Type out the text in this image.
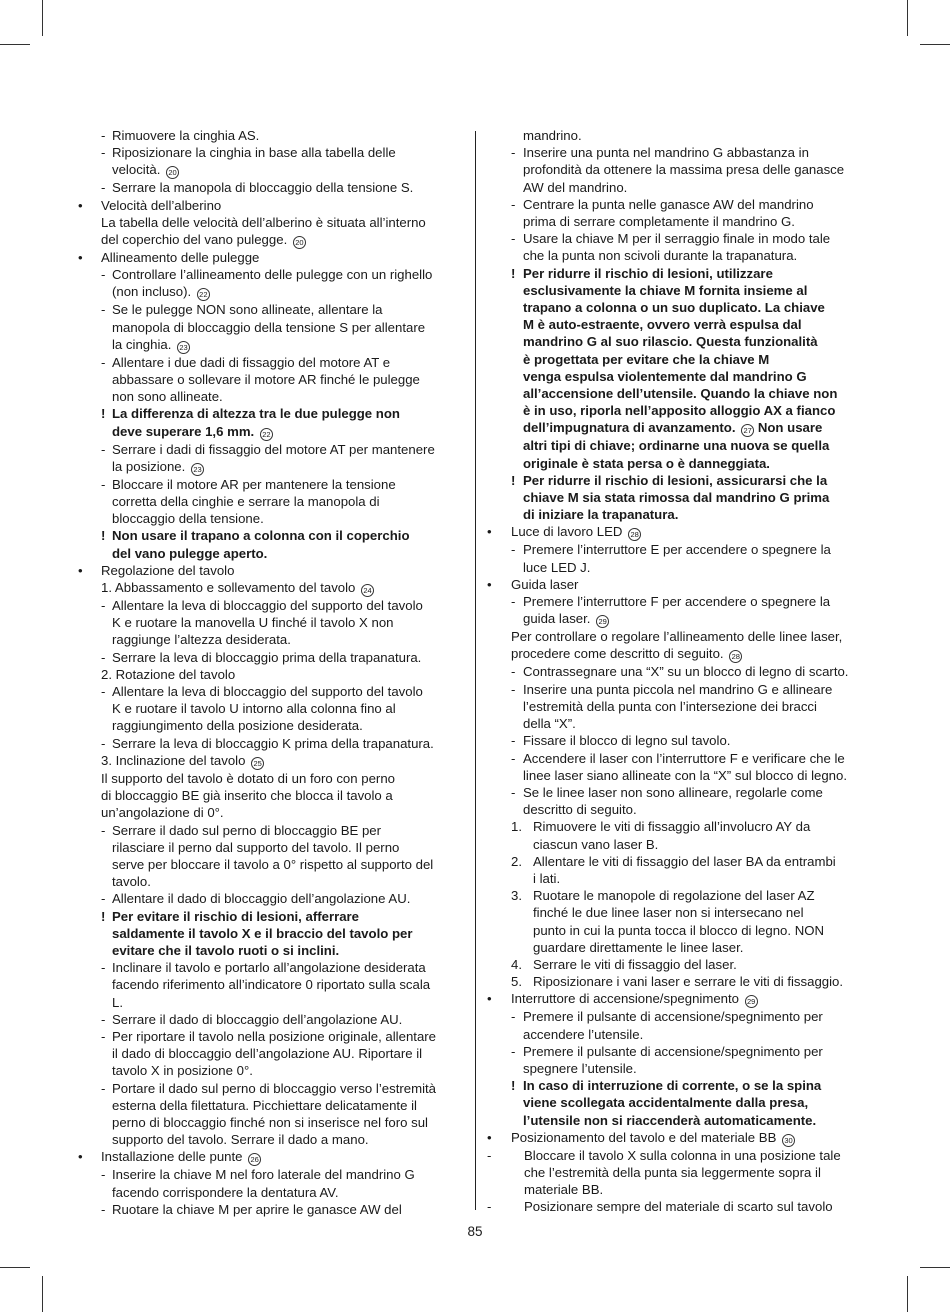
- Rimuovere la cinghia AS.
- Riposizionare la cinghia in base alla tabella delle
velocità. 20
- Serrare la manopola di bloccaggio della tensione S.
• Velocità dell’alberino
La tabella delle velocità dell’alberino è situata all’interno
del coperchio del vano pulegge. 20
• Allineamento delle pulegge
- Controllare l’allineamento delle pulegge con un righello
(non incluso). 22
- Se le pulegge NON sono allineate, allentare la
manopola di bloccaggio della tensione S per allentare
la cinghia. 23
- Allentare i due dadi di fissaggio del motore AT e
abbassare o sollevare il motore AR finché le pulegge
non sono allineate.
! La differenza di altezza tra le due pulegge non
deve superare 1,6 mm. 22
- Serrare i dadi di fissaggio del motore AT per mantenere
la posizione. 23
- Bloccare il motore AR per mantenere la tensione
corretta della cinghie e serrare la manopola di
bloccaggio della tensione.
! Non usare il trapano a colonna con il coperchio
del vano pulegge aperto.
• Regolazione del tavolo
1. Abbassamento e sollevamento del tavolo 24
- Allentare la leva di bloccaggio del supporto del tavolo
K e ruotare la manovella U finché il tavolo X non
raggiunge l’altezza desiderata.
- Serrare la leva di bloccaggio prima della trapanatura.
2. Rotazione del tavolo
- Allentare la leva di bloccaggio del supporto del tavolo
K e ruotare il tavolo U intorno alla colonna fino al
raggiungimento della posizione desiderata.
- Serrare la leva di bloccaggio K prima della trapanatura.
3. Inclinazione del tavolo 25
Il supporto del tavolo è dotato di un foro con perno
di bloccaggio BE già inserito che blocca il tavolo a
un’angolazione di 0°.
- Serrare il dado sul perno di bloccaggio BE per
rilasciare il perno dal supporto del tavolo. Il perno
serve per bloccare il tavolo a 0° rispetto al supporto del
tavolo.
- Allentare il dado di bloccaggio dell’angolazione AU.
! Per evitare il rischio di lesioni, afferrare
saldamente il tavolo X e il braccio del tavolo per
evitare che il tavolo ruoti o si inclini.
- Inclinare il tavolo e portarlo all’angolazione desiderata
facendo riferimento all’indicatore 0 riportato sulla scala
L.
- Serrare il dado di bloccaggio dell’angolazione AU.
- Per riportare il tavolo nella posizione originale, allentare
il dado di bloccaggio dell’angolazione AU. Riportare il
tavolo X in posizione 0°.
- Portare il dado sul perno di bloccaggio verso l’estremità
esterna della filettatura. Picchiettare delicatamente il
perno di bloccaggio finché non si inserisce nel foro sul
supporto del tavolo. Serrare il dado a mano.
• Installazione delle punte 26
- Inserire la chiave M nel foro laterale del mandrino G
facendo corrispondere la dentatura AV.
- Ruotare la chiave M per aprire le ganasce AW del
mandrino.
- Inserire una punta nel mandrino G abbastanza in
profondità da ottenere la massima presa delle ganasce
AW del mandrino.
- Centrare la punta nelle ganasce AW del mandrino
prima di serrare completamente il mandrino G.
- Usare la chiave M per il serraggio finale in modo tale
che la punta non scivoli durante la trapanatura.
! Per ridurre il rischio di lesioni, utilizzare
esclusivamente la chiave M fornita insieme al
trapano a colonna o un suo duplicato. La chiave
M è auto-estraente, ovvero verrà espulsa dal
mandrino G al suo rilascio. Questa funzionalità
è progettata per evitare che la chiave M
venga espulsa violentemente dal mandrino G
all’accensione dell’utensile. Quando la chiave non
è in uso, riporla nell’apposito alloggio AX a fianco
dell’impugnatura di avanzamento. 27 Non usare
altri tipi di chiave; ordinarne una nuova se quella
originale è stata persa o è danneggiata.
! Per ridurre il rischio di lesioni, assicurarsi che la
chiave M sia stata rimossa dal mandrino G prima
di iniziare la trapanatura.
• Luce di lavoro LED 28
- Premere l’interruttore E per accendere o spegnere la
luce LED J.
• Guida laser
- Premere l’interruttore F per accendere o spegnere la
guida laser. 29
Per controllare o regolare l’allineamento delle linee laser,
procedere come descritto di seguito. 28
- Contrassegnare una “X” su un blocco di legno di scarto.
- Inserire una punta piccola nel mandrino G e allineare
l’estremità della punta con l’intersezione dei bracci
della “X”.
- Fissare il blocco di legno sul tavolo.
- Accendere il laser con l’interruttore F e verificare che le
linee laser siano allineate con la “X” sul blocco di legno.
- Se le linee laser non sono allineare, regolarle come
descritto di seguito.
1. Rimuovere le viti di fissaggio all’involucro AY da
ciascun vano laser B.
2. Allentare le viti di fissaggio del laser BA da entrambi
i lati.
3. Ruotare le manopole di regolazione del laser AZ
finché le due linee laser non si intersecano nel
punto in cui la punta tocca il blocco di legno. NON
guardare direttamente le linee laser.
4. Serrare le viti di fissaggio del laser.
5. Riposizionare i vani laser e serrare le viti di fissaggio.
• Interruttore di accensione/spegnimento 29
- Premere il pulsante di accensione/spegnimento per
accendere l’utensile.
- Premere il pulsante di accensione/spegnimento per
spegnere l’utensile.
! In caso di interruzione di corrente, o se la spina
viene scollegata accidentalmente dalla presa,
l’utensile non si riaccenderà automaticamente.
• Posizionamento del tavolo e del materiale BB 30
- Bloccare il tavolo X sulla colonna in una posizione tale
che l’estremità della punta sia leggermente sopra il
materiale BB.
- Posizionare sempre del materiale di scarto sul tavolo
85
